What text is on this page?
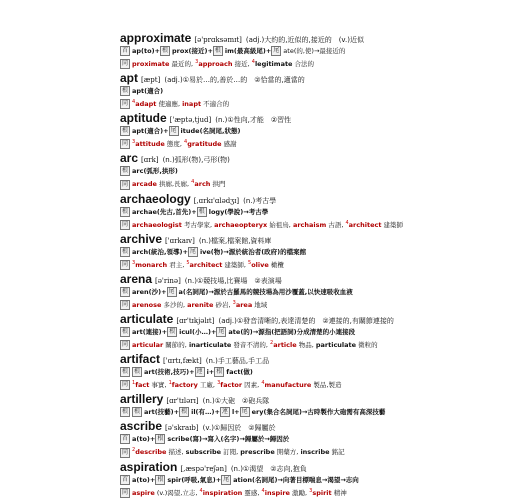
approximate [ə'prɑksəmɪt] (adj.)大約的,近似的,接近的　(v.)近似
首 ap(to)+ 根 prox(接近)+ 根 im(最高級尾)+ 尾 ate(的,使)→最接近的
同 proximate 最近的, $^3$approach 接近, $^4$legitimate 合法的
apt [æpt] (adj.)①易於…的,善於…的　②恰當的,適當的
根 apt(適合)
同 $^4$adapt 使適應, inapt 不適合的
aptitude ['æptə,tjud] (n.)①性向,才能　②習性
根 apt(適合)+ 尾 itude(名詞尾,狀態)
同 $^3$attitude 態度, $^4$gratitude 感謝
arc [ɑrk] (n.)弧形(物),弓形(物)
根 arc(弧形,拱形)
同 arcade 拱廊,長廊, $^4$arch 拱門
archaeology [,ɑrkɪ'ɑlədʒɪ] (n.)考古學
根 archae(先古,首先)+ 根 logy(學說)→考古學
同 archaeologist 考古學家, archaeopteryx 始祖鳥, archaism 古語, $^4$architect 建築師
archive ['ɑrkaɪv] (n.)檔案,檔案館,資料庫
根 arch(統治,領導)+ 尾 ive(物)→源於統治者(政府)的檔案館
同 $^3$monarch 君主, $^5$architect 建築師, $^5$olive 橄欖
arena [ə'rinə] (n.)①競技場,比賽場　②表演場
根 aren(沙)+ 尾 a(名詞尾)→源於古羅馬的競技場為用沙覆蓋,以快速吸收血液
同 arenose 多沙的, arenite 砂岩, $^3$area 地域
articulate [ɑr'tɪkjəlɪt] (adj.)①發音清晰的,表達清楚的　②連接的,有關節連接的
根 art(連接)+ 根 icul(小…)+ 尾 ate(的)→源指(把語詞)分成清楚的小連接段
同 articular 關節的, inarticulate 發音不清的, $^2$article 物品, particulate 微粒的
artifact ['ɑrtɪ,fækt] (n.)手工藝品,手工品
根 根 art(技術,技巧)+ 連 i+ 根 fact(做)
同 $^1$fact 事實, $^1$factory 工廠, $^3$factor 因素, $^4$manufacture 製品,製造
artillery [ɑr'tɪlərɪ] (n.)①大砲　②砲兵隊
根 根 art(技藝)+ 根 il(有…)+ 連 l+ 尾 ery(集合名詞尾)→古時製作大砲需有高深技藝
ascribe [ə'skraɪb] (v.)①歸因於　②歸屬於
首 a(to)+ 根 scribe(寫)→寫入(名字)→歸屬於→歸因於
同 $^2$describe 描述, subscribe 訂閱, prescribe 開藥方, inscribe 銘記
aspiration [,æspə'reʃən] (n.)①渴望　②志向,抱負
首 a(to)+ 根 spir(呼吸,氣息)+ 尾 ation(名詞尾)→向著目標喘息→渴望→志向
同 aspire (v.)渴望,立志, $^4$inspiration 靈感, $^4$inspire 激勵, $^3$spirit 精神
